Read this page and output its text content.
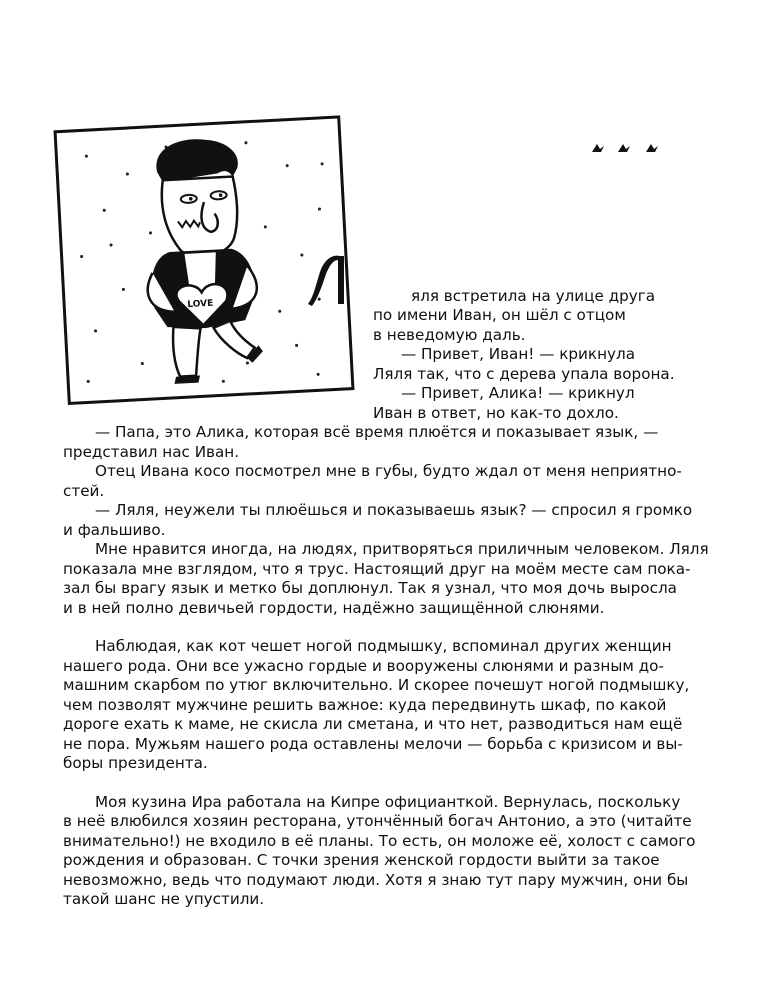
LOVE	яля встретила на улице друга
по имени Иван, он шёл с отцом
в неведомую даль.
— Привет, Иван! — крикнула
Ляля так, что с дерева упала ворона.
— Привет, Алика! — крикнул
Иван в ответ, но как-то дохло.
— Папа, это Алика, которая всё время плюётся и показывает язык, —
представил нас Иван.
Отец Ивана косо посмотрел мне в губы, будто ждал от меня неприятно-
стей.
— Ляля, неужели ты плюёшься и показываешь язык? — спросил я громко
и фальшиво.
Мне нравится иногда, на людях, притворяться приличным человеком. Ляля
показала мне взглядом, что я трус. Настоящий друг на моём месте сам пока-
зал бы врагу язык и метко бы доплюнул. Так я узнал, что моя дочь выросла
и в ней полно девичьей гордости, надёжно защищённой слюнями.
Наблюдая, как кот чешет ногой подмышку, вспоминал других женщин
нашего рода. Они все ужасно гордые и вооружены слюнями и разным до-
машним скарбом по утюг включительно. И скорее почешут ногой подмышку,
чем позволят мужчине решить важное: куда передвинуть шкаф, по какой
дороге ехать к маме, не скисла ли сметана, и что нет, разводиться нам ещё
не пора. Мужьям нашего рода оставлены мелочи — борьба с кризисом и вы-
боры президента.
Моя кузина Ира работала на Кипре официанткой. Вернулась, поскольку
в неё влюбился хозяин ресторана, утончённый богач Антонио, а это (читайте
внимательно!) не входило в её планы. То есть, он моложе её, холост с самого
рождения и образован. С точки зрения женской гордости выйти за такое
невозможно, ведь что подумают люди. Хотя я знаю тут пару мужчин, они бы
такой шанс не упустили.
